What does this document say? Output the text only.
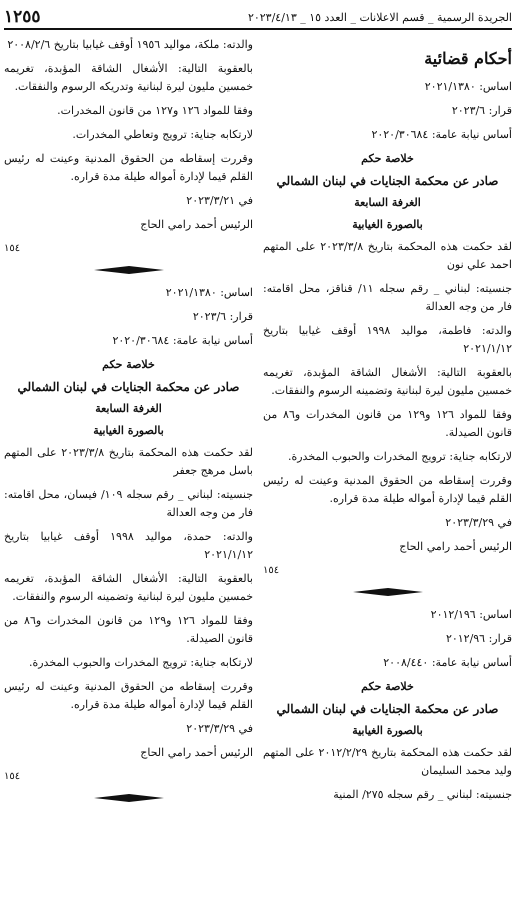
الجريدة الرسمية _ قسم الاعلانات _ العدد ١٥ _ ٢٠٢٣/٤/١٣
١٢٥٥
أحكام قضائية

اساس: ٢٠٢١/١٣٨٠

قرار: ٢٠٢٣/٦

أساس نيابة عامة: ٢٠٢٠/٣٠٦٨٤

خلاصة حكم
صادر عن محكمة الجنايات في لبنان الشمالي
الغرفة السابعة
بالصورة الغيابية

لقد حكمت هذه المحكمة بتاريخ ٢٠٢٣/٣/٨ على المتهم احمد علي نون

جنسيته: لبناني _ رقم سجله ١١/ قناقز، محل اقامته: فار من وجه العدالة

والدته: فاطمة، مواليد ١٩٩٨ أوقف غيابيا بتاريخ ٢٠٢١/١/١٢

بالعقوبة التالية: الأشغال الشاقة المؤبدة، تغريمه خمسين مليون ليرة لبنانية وتضمينه الرسوم والنفقات.

وفقا للمواد ١٢٦ و١٢٩ من قانون المخدرات و٨٦ من قانون الصيدلة.

لارتكابه جناية: ترويج المخدرات والحبوب المخدرة.

وقررت إسقاطه من الحقوق المدنية وعينت له رئيس القلم قيما لإدارة أمواله طيلة مدة قراره.

في ٢٠٢٣/٣/٢٩

الرئيس أحمد رامي الحاج

١٥٤

اساس: ٢٠١٢/١٩٦

قرار: ٢٠١٢/٩٦

أساس نيابة عامة: ٢٠٠٨/٤٤٠

خلاصة حكم
صادر عن محكمة الجنايات في لبنان الشمالي
بالصورة الغيابية

لقد حكمت هذه المحكمة بتاريخ ٢٠١٢/٢/٢٩ على المتهم وليد محمد السليمان

جنسيته: لبناني _ رقم سجله ٢٧٥/ المنية

والدته: ملكة، مواليد ١٩٥٦ أوقف غيابيا بتاريخ ٢٠٠٨/٢/٦

بالعقوبة التالية: الأشغال الشاقة المؤبدة، تغريمه خمسين مليون ليرة لبنانية وتدريكه الرسوم والنفقات.

وفقا للمواد ١٢٦ و١٢٧ من قانون المخدرات.

لارتكابه جناية: ترويج وتعاطي المخدرات.

وقررت إسقاطه من الحقوق المدنية وعينت له رئيس القلم قيما لإدارة أمواله طيلة مدة قراره.

في ٢٠٢٣/٣/٢١

الرئيس أحمد رامي الحاج

١٥٤

اساس: ٢٠٢١/١٣٨٠

قرار: ٢٠٢٣/٦

أساس نيابة عامة: ٢٠٢٠/٣٠٦٨٤

خلاصة حكم
صادر عن محكمة الجنايات في لبنان الشمالي
الغرفة السابعة
بالصورة الغيابية

لقد حكمت هذه المحكمة بتاريخ ٢٠٢٣/٣/٨ على المتهم باسل مرهج جعفر

جنسيته: لبناني _ رقم سجله ١٠٩/ فيسان، محل اقامته: فار من وجه العدالة

والدته: حمدة، مواليد ١٩٩٨ أوقف غيابيا بتاريخ ٢٠٢١/١/١٢

بالعقوبة التالية: الأشغال الشاقة المؤبدة، تغريمه خمسين مليون ليرة لبنانية وتضمينه الرسوم والنفقات.

وفقا للمواد ١٢٦ و١٢٩ من قانون المخدرات و٨٦ من قانون الصيدلة.

لارتكابه جناية: ترويج المخدرات والحبوب المخدرة.

وقررت إسقاطه من الحقوق المدنية وعينت له رئيس القلم قيما لإدارة أمواله طيلة مدة قراره.

في ٢٠٢٣/٣/٢٩

الرئيس أحمد رامي الحاج

١٥٤
